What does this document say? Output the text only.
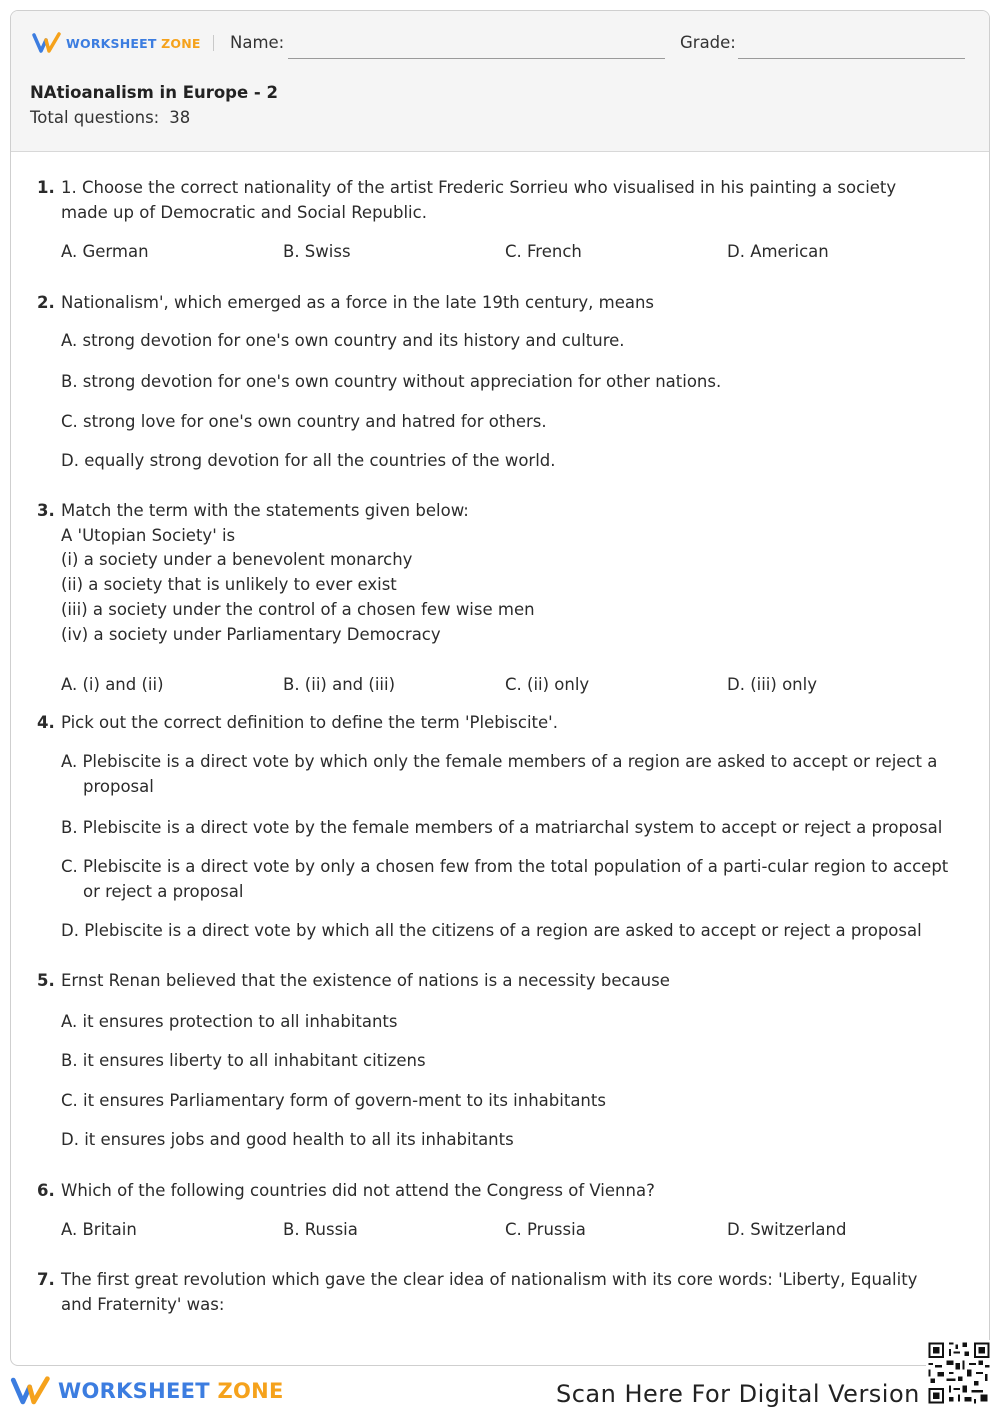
WORKSHEET ZONE Name:	Grade:
NAtioanalism in Europe - 2
Total questions: 38
1. 1. Choose the correct nationality of the artist Frederic Sorrieu who visualised in his painting a society made up of Democratic and Social Republic.
A. German	B. Swiss	C. French	D. American
2. Nationalism', which emerged as a force in the late 19th century, means
A. strong devotion for one's own country and its history and culture.
B. strong devotion for one's own country without appreciation for other nations.
C. strong love for one's own country and hatred for others.
D. equally strong devotion for all the countries of the world.
3. Match the term with the statements given below:
A 'Utopian Society' is
(i) a society under a benevolent monarchy
(ii) a society that is unlikely to ever exist
(iii) a society under the control of a chosen few wise men
(iv) a society under Parliamentary Democracy
A. (i) and (ii)	B. (ii) and (iii)	C. (ii) only	D. (iii) only
4. Pick out the correct definition to define the term 'Plebiscite'.
A. Plebiscite is a direct vote by which only the female members of a region are asked to accept or reject a proposal
B. Plebiscite is a direct vote by the female members of a matriarchal system to accept or reject a proposal
C. Plebiscite is a direct vote by only a chosen few from the total population of a parti-cular region to accept or reject a proposal
D. Plebiscite is a direct vote by which all the citizens of a region are asked to accept or reject a proposal
5. Ernst Renan believed that the existence of nations is a necessity because
A. it ensures protection to all inhabitants
B. it ensures liberty to all inhabitant citizens
C. it ensures Parliamentary form of govern-ment to its inhabitants
D. it ensures jobs and good health to all its inhabitants
6. Which of the following countries did not attend the Congress of Vienna?
A. Britain	B. Russia	C. Prussia	D. Switzerland
7. The first great revolution which gave the clear idea of nationalism with its core words: 'Liberty, Equality and Fraternity' was:
WORKSHEET ZONE	Scan Here For Digital Version
